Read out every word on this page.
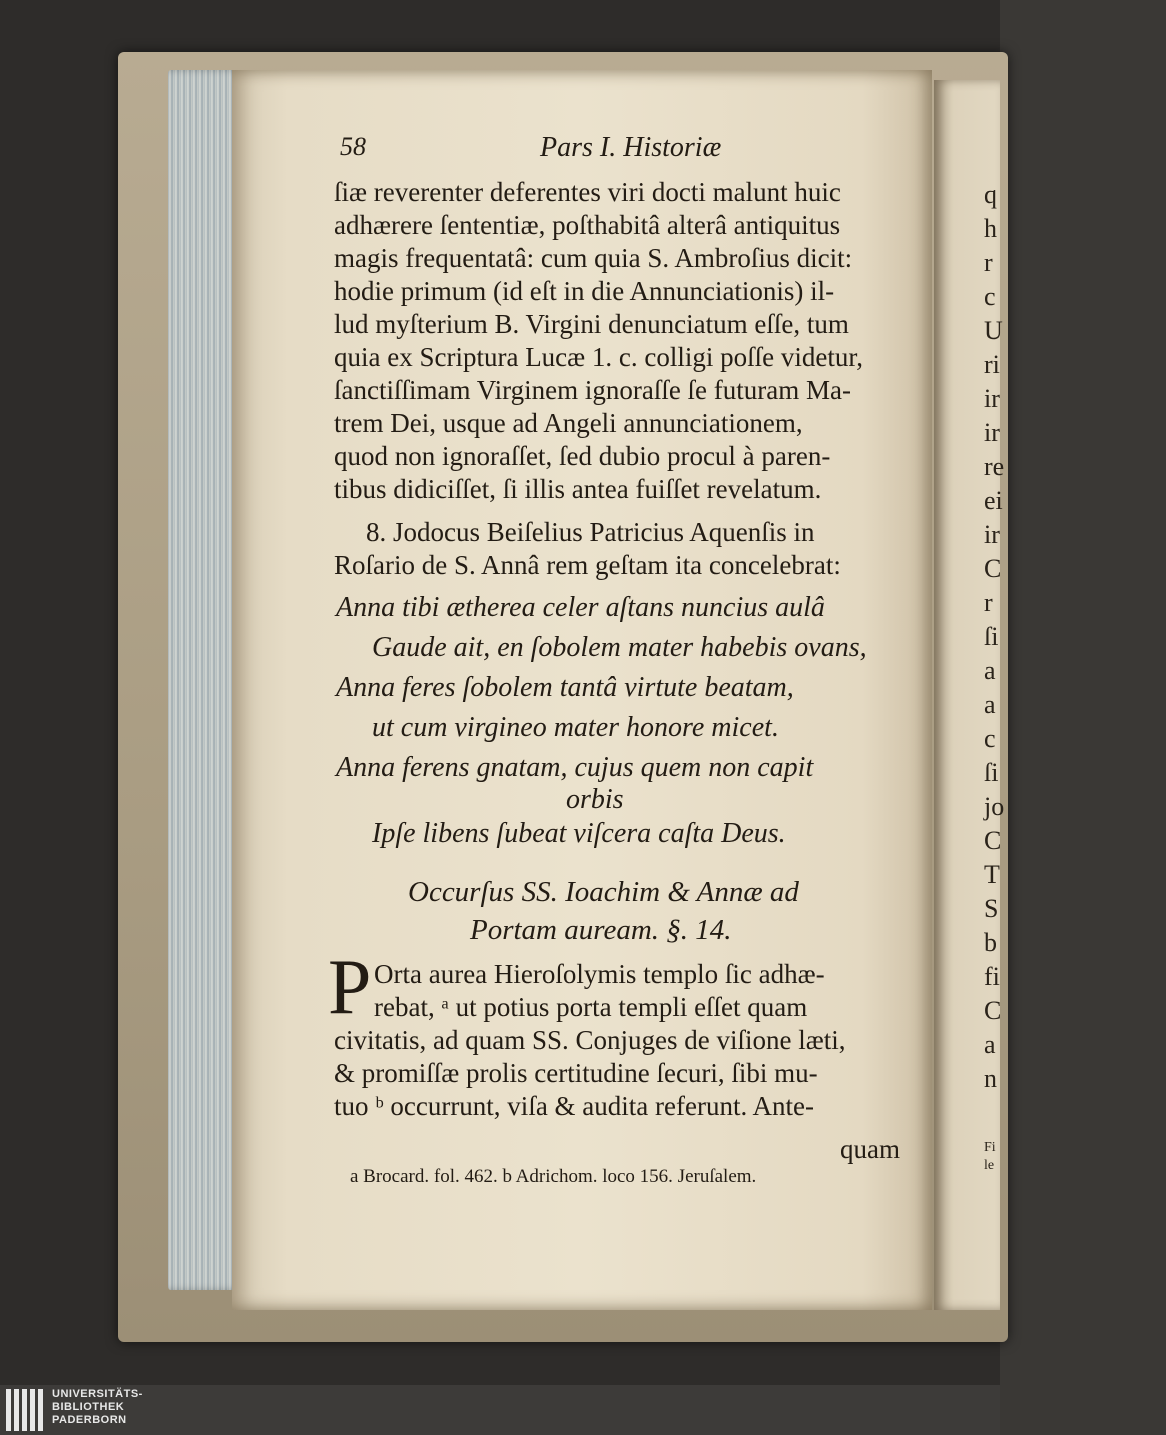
q
h
r
c
U
ri
ir
ir
re
ei
ir
C
r
ſi
a
a
c
ſi
jo
C
T
S
b
fi
C
a
n
Fi
le
58	Pars I. Historiæ
ſiæ reverenter deferentes viri docti malunt huic
adhærere ſententiæ, poſthabitâ alterâ antiquitus
magis frequentatâ: cum quia S. Ambroſius dicit:
hodie primum (id eſt in die Annunciationis) il-
lud myſterium B. Virgini denunciatum eſſe, tum
quia ex Scriptura Lucæ 1. c. colligi poſſe videtur,
ſanctiſſimam Virginem ignoraſſe ſe futuram Ma-
trem Dei, usque ad Angeli annunciationem,
quod non ignoraſſet, ſed dubio procul à paren-
tibus didiciſſet, ſi illis antea fuiſſet revelatum.
8. Jodocus Beiſelius Patricius Aquenſis in
Roſario de S. Annâ rem geſtam ita concelebrat:
Anna tibi ætherea celer aſtans nuncius aulâ
Gaude ait, en ſobolem mater habebis ovans,
Anna feres ſobolem tantâ virtute beatam,
ut cum virgineo mater honore micet.
Anna ferens gnatam, cujus quem non capit
orbis
Ipſe libens ſubeat viſcera caſta Deus.
Occurſus SS. Ioachim & Annæ ad
Portam auream. §. 14.
P Orta aurea Hieroſolymis templo ſic adhæ-
rebat, ᵃ ut potius porta templi eſſet quam
civitatis, ad quam SS. Conjuges de viſione læti,
& promiſſæ prolis certitudine ſecuri, ſibi mu-
tuo ᵇ occurrunt, viſa & audita referunt. Ante-
quam
a Brocard. fol. 462. b Adrichom. loco 156. Jeruſalem.
UNIVERSITÄTS-
BIBLIOTHEK
PADERBORN
